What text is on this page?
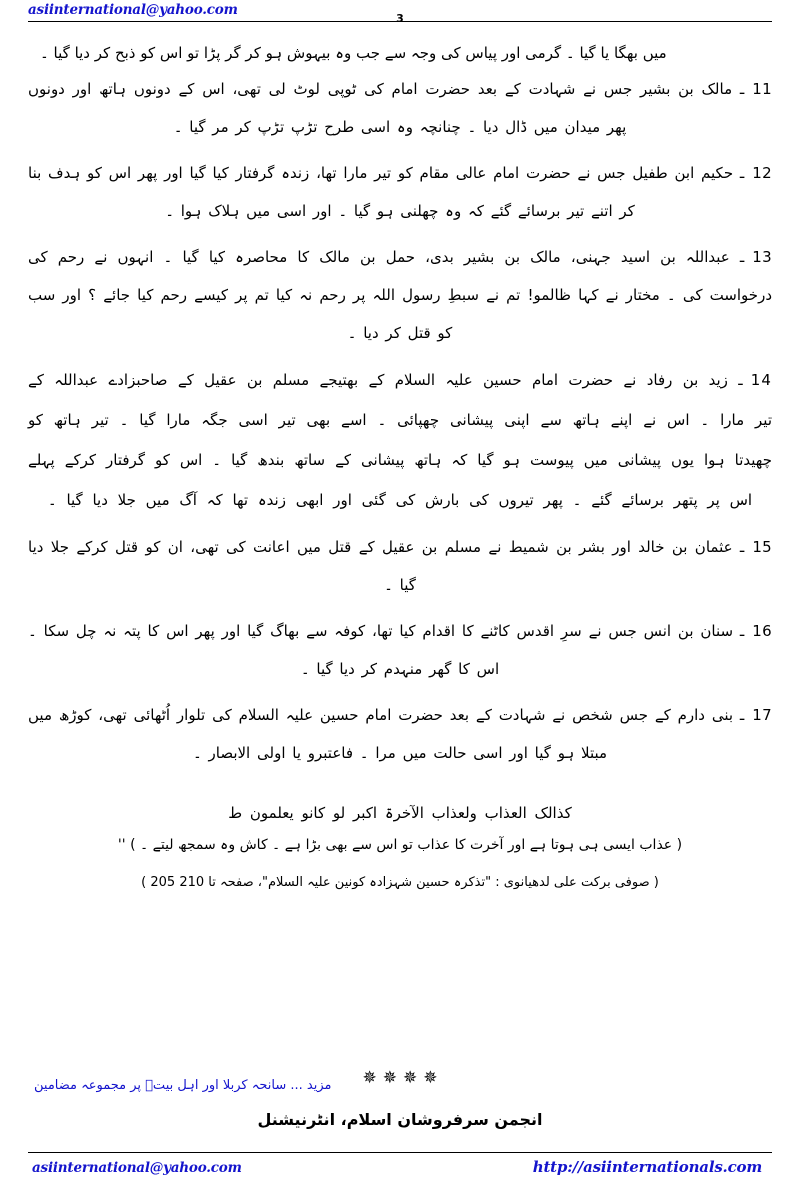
asiinternational@yahoo.com
3
میں بھگا یا گیا ۔ گرمی اور پیاس کی وجہ سے جب وہ بیہوش ہو کر گر پڑا تو اس کو ذبح کر دیا گیا ۔

11ـ مالک بن بشیر جس نے شہادت کے بعد حضرت امام کی ٹوپی لوٹ لی تھی، اس کے دونوں ہاتھ اور دونوں پھر میدان میں ڈال دیا ۔ چنانچہ وہ اسی طرح تڑپ تڑپ کر مر گیا ۔

12ـ حکیم ابن طفیل جس نے حضرت امام عالی مقام کو تیر مارا تھا، زندہ گرفتار کیا گیا اور پھر اس کو ہدف بنا کر اتنے تیر برسائے گئے کہ وہ چھلنی ہو گیا ۔ اور اسی میں ہلاک ہوا ۔

13ـ عبداللہ بن اسید جہنی، مالک بن بشیر بدی، حمل بن مالک کا محاصرہ کیا گیا ۔ انہوں نے رحم کی درخواست کی ۔ مختار نے کہا ظالمو! تم نے سبطِ رسول اللہ پر رحم نہ کیا تم پر کیسے رحم کیا جائے ؟ اور سب کو قتل کر دیا ۔

14ـ زید بن رفاد نے حضرت امام حسین علیہ السلام کے بھتیجے مسلم بن عقیل کے صاحبزادے عبداللہ کے تیر مارا ۔ اس نے اپنے ہاتھ سے اپنی پیشانی چھپائی ۔ اسے بھی تیر اسی جگہ مارا گیا ۔ تیر ہاتھ کو چھیدتا ہوا یوں پیشانی میں پیوست ہو گیا کہ ہاتھ پیشانی کے ساتھ بندھ گیا ۔ اس کو گرفتار کرکے پہلے اس پر پتھر برسائے گئے ۔ پھر تیروں کی بارش کی گئی اور ابھی زندہ تھا کہ آگ میں جلا دیا گیا ۔

15ـ عثمان بن خالد اور بشر بن شمیط نے مسلم بن عقیل کے قتل میں اعانت کی تھی، ان کو قتل کرکے جلا دیا گیا ۔

16ـ سنان بن انس جس نے سرِ اقدس کاٹنے کا اقدام کیا تھا، کوفہ سے بھاگ گیا اور پھر اس کا پتہ نہ چل سکا ۔ اس کا گھر منہدم کر دیا گیا ۔

17ـ بنی دارم کے جس شخص نے شہادت کے بعد حضرت امام حسین علیہ السلام کی تلوار اُٹھائی تھی، کوڑھ میں مبتلا ہو گیا اور اسی حالت میں مرا ۔ فاعتبرو یا اولی الابصار ۔

کذالک العذاب ولعذاب الآخرۃ اکبر لو کانو یعلمون ط
( عذاب ایسی ہی ہوتا ہے اور آخرت کا عذاب تو اس سے بھی بڑا ہے ۔ کاش وہ سمجھ لیتے ۔ ) ''
( صوفی برکت علی لدھیانوی : "تذکرہ حسین شہزادہ کونین علیہ السلام"، صفحہ 205 تا 210 )
✵ ✵ ✵ ✵
مزید ... سانحہ کربلا اور اہل بیتؓ پر مجموعہ مضامین
انجمن سرفروشان اسلام، انٹرنیشنل
asiinternational@yahoo.com	http://asiinternationals.com
